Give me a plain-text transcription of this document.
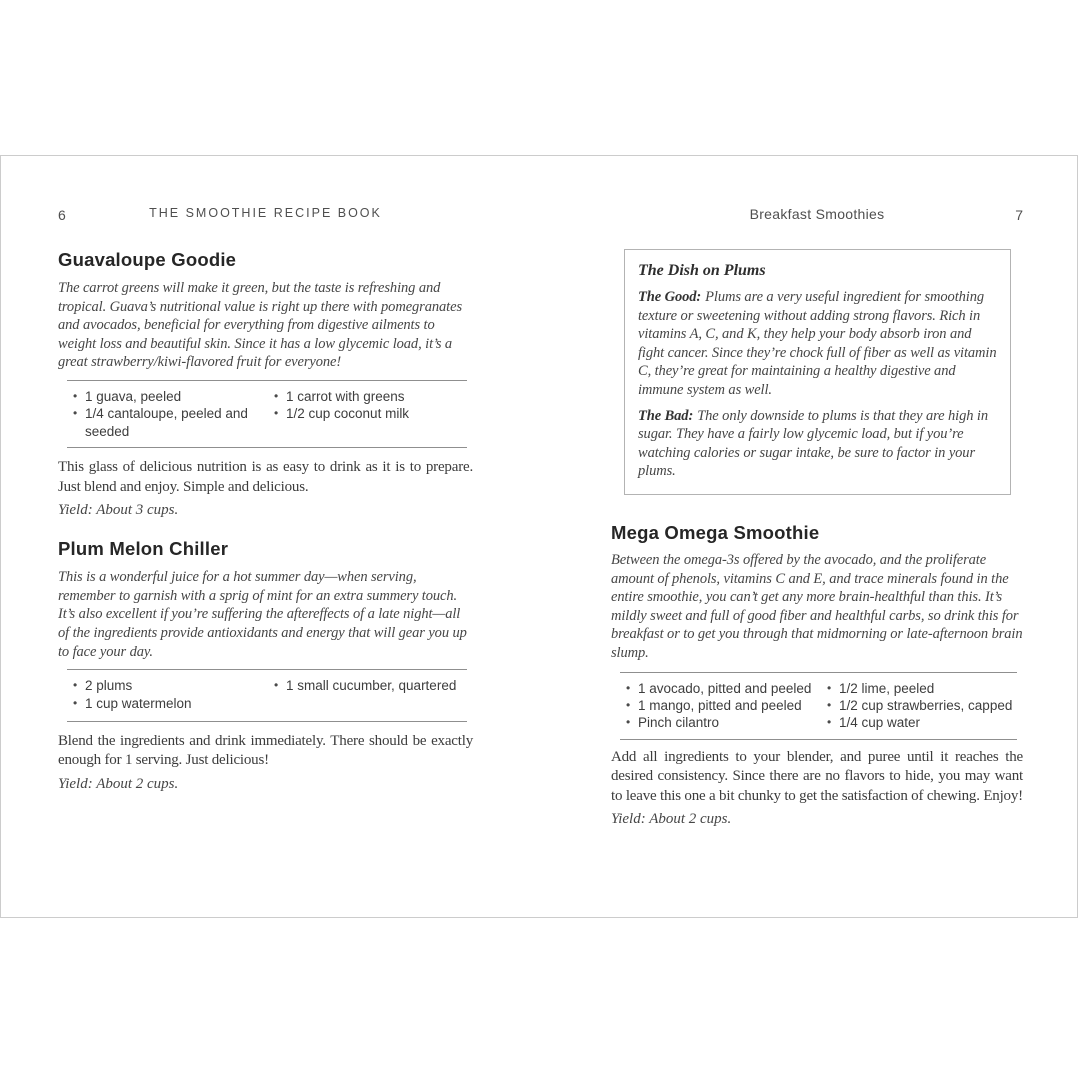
6	THE SMOOTHIE RECIPE BOOK
Guavaloupe Goodie
The carrot greens will make it green, but the taste is refreshing and tropical. Guava’s nutritional value is right up there with pomegranates and avocados, beneficial for everything from digestive ailments to weight loss and beautiful skin. Since it has a low glycemic load, it’s a great strawberry/kiwi-flavored fruit for everyone!
•
1 guava, peeled
•
1/4 cantaloupe, peeled and seeded
•
1 carrot with greens
•
1/2 cup coconut milk
This glass of delicious nutrition is as easy to drink as it is to prepare. Just blend and enjoy. Simple and delicious.
Yield: About 3 cups.
Plum Melon Chiller
This is a wonderful juice for a hot summer day—when serving, remember to garnish with a sprig of mint for an extra summery touch. It’s also excellent if you’re suffering the aftereffects of a late night—all of the ingredients provide antioxidants and energy that will gear you up to face your day.
•
2 plums
•
1 cup watermelon
•
1 small cucumber, quartered
Blend the ingredients and drink immediately. There should be exactly enough for 1 serving. Just delicious!
Yield: About 2 cups.
Breakfast Smoothies	7
The Dish on Plums
The Good: Plums are a very useful ingredient for smoothing texture or sweetening without adding strong flavors. Rich in vitamins A, C, and K, they help your body absorb iron and fight cancer. Since they’re chock full of fiber as well as vitamin C, they’re great for maintaining a healthy digestive and immune system as well.
The Bad: The only downside to plums is that they are high in sugar. They have a fairly low glycemic load, but if you’re watching calories or sugar intake, be sure to factor in your plums.
Mega Omega Smoothie
Between the omega-3s offered by the avocado, and the proliferate amount of phenols, vitamins C and E, and trace minerals found in the entire smoothie, you can’t get any more brain-healthful than this. It’s mildly sweet and full of good fiber and healthful carbs, so drink this for breakfast or to get you through that midmorning or late-afternoon brain slump.
•
1 avocado, pitted and peeled
•
1 mango, pitted and peeled
•
Pinch cilantro
•
1/2 lime, peeled
•
1/2 cup strawberries, capped
•
1/4 cup water
Add all ingredients to your blender, and puree until it reaches the desired consistency. Since there are no flavors to hide, you may want to leave this one a bit chunky to get the satisfaction of chewing. Enjoy!
Yield: About 2 cups.
